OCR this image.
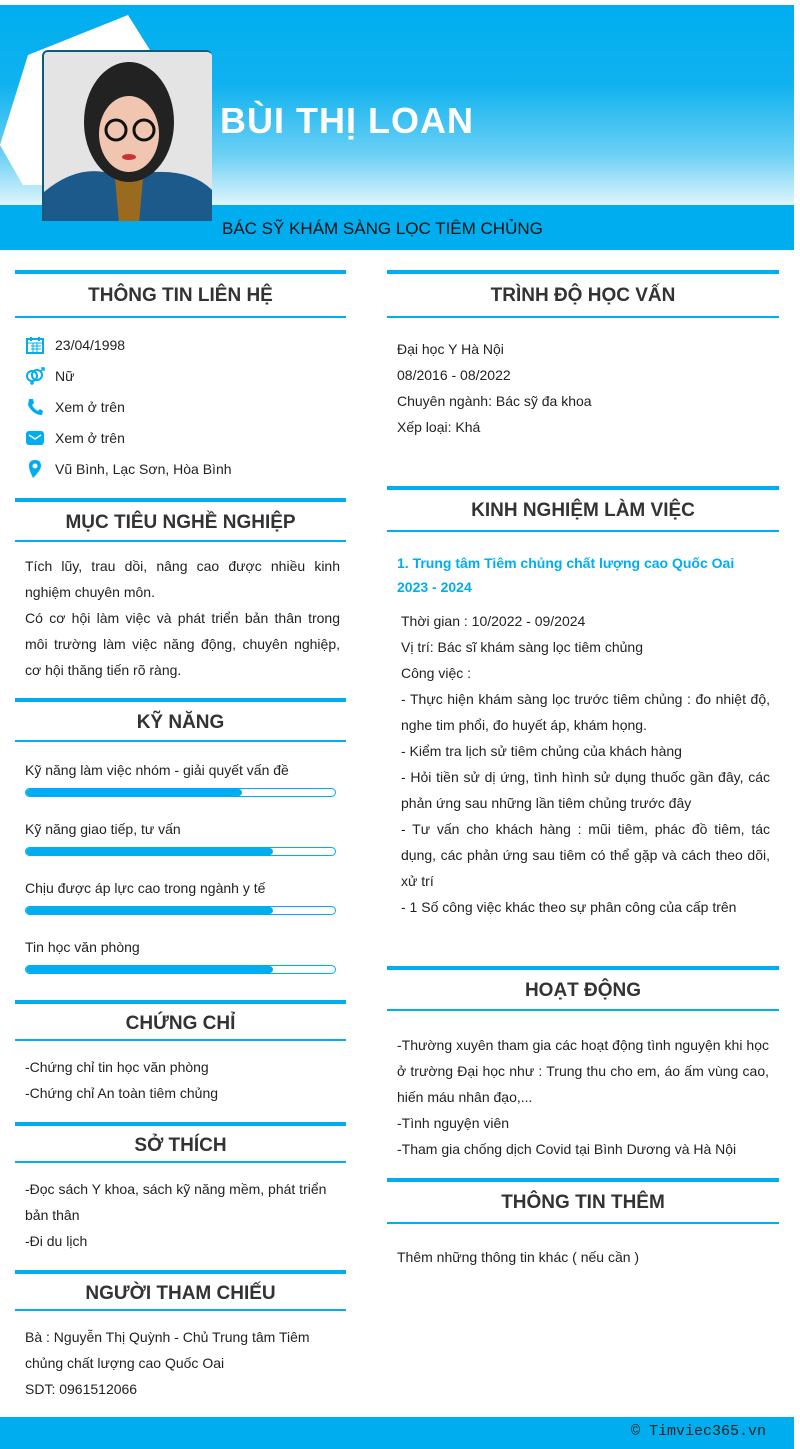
BÙI THỊ LOAN
BÁC SỸ KHÁM SÀNG LỌC TIÊM CHỦNG
THÔNG TIN LIÊN HỆ
23/04/1998
Nữ
Xem ở trên
Xem ở trên
Vũ Bình, Lạc Sơn, Hòa Bình
MỤC TIÊU NGHỀ NGHIỆP
Tích lũy, trau dồi, nâng cao được nhiều kinh nghiệm chuyên môn.
Có cơ hội làm việc và phát triển bản thân trong môi trường làm việc năng động, chuyên nghiệp, cơ hội thăng tiến rõ ràng.
KỸ NĂNG
Kỹ năng làm việc nhóm - giải quyết vấn đề
Kỹ năng giao tiếp, tư vấn
Chịu được áp lực cao trong ngành y tế
Tin học văn phòng
CHỨNG CHỈ
-Chứng chỉ tin học văn phòng
-Chứng chỉ An toàn tiêm chủng
SỞ THÍCH
-Đọc sách Y khoa, sách kỹ năng mềm, phát triển bản thân
-Đi du lịch
NGƯỜI THAM CHIẾU
Bà : Nguyễn Thị Quỳnh - Chủ Trung tâm Tiêm chủng chất lượng cao Quốc Oai
SDT: 0961512066
TRÌNH ĐỘ HỌC VẤN
Đại học Y Hà Nội
08/2016 - 08/2022
Chuyên ngành: Bác sỹ đa khoa
Xếp loại: Khá
KINH NGHIỆM LÀM VIỆC
1. Trung tâm Tiêm chủng chất lượng cao Quốc Oai
2023 - 2024
Thời gian : 10/2022 - 09/2024
Vị trí: Bác sĩ khám sàng lọc tiêm chủng
Công việc :
- Thực hiện khám sàng lọc trước tiêm chủng : đo nhiệt độ, nghe tim phổi, đo huyết áp, khám họng.
- Kiểm tra lịch sử tiêm chủng của khách hàng
- Hỏi tiền sử dị ứng, tình hình sử dụng thuốc gần đây, các phản ứng sau những lần tiêm chủng trước đây
- Tư vấn cho khách hàng : mũi tiêm, phác đồ tiêm, tác dụng, các phản ứng sau tiêm có thể gặp và cách theo dõi, xử trí
- 1 Số công việc khác theo sự phân công của cấp trên
HOẠT ĐỘNG
-Thường xuyên tham gia các hoạt động tình nguyện khi học ở trường Đại học như : Trung thu cho em, áo ấm vùng cao, hiến máu nhân đạo,...
-Tình nguyện viên
-Tham gia chống dịch Covid tại Bình Dương và Hà Nội
THÔNG TIN THÊM
Thêm những thông tin khác ( nếu cần )
© Timviec365.vn
